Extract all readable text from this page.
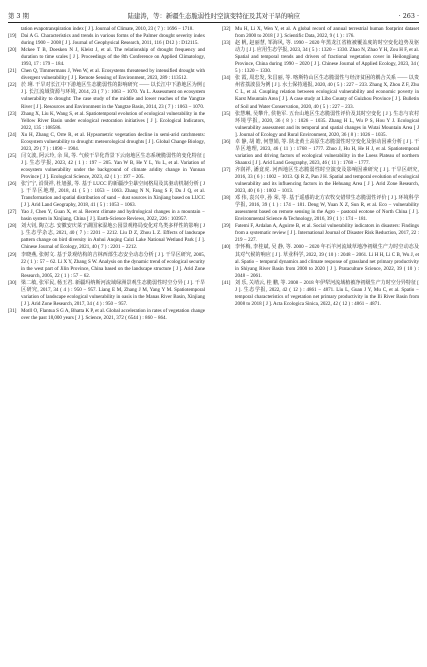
第 3 期	陆建涛，等：新疆生态脆弱性时空演变特征及其对干旱的响应	· 263 ·
tation evapotranspiration index [ J ]. Journal of Climate, 2010, 23 ( 7 ) : 1696 − 1718.
[19] Dai A G. Characteristics and trends in various forms of the Palmer drought severity index during 1900 − 2008 [ J ]. Journal of Geophysical Research, 2011, 116 ( D12 ) : D12115.
[20] Mckee T B, Doesken N J, Kleist J, et al. The relationship of drought frequency and duration to time scales [ J ]. Proceedings of the 8th Conference on Applied Climatology, 1993, 17 : 179 − 184.
[21] Chen Q, Timmermans J, Wen W, et al. Ecosystems threatened by intensified drought with divergent vulnerability [ J ]. Remote Sensing of Environment, 2023, 289 : 113512.
[22] 於 琍. 干旱对长江中下游地区生态脆弱性的影响研究 —— 以长江中下游地区为例 [ J ]. 长江流域资源与环境, 2014, 23 ( 7 ) : 1063 − 1070. Yu L. Assessment on ecosystem vulnerability to drought: The case study of the middle and lower reaches of the Yangtze River [ J ]. Resources and Environment in the Yangtze Basin, 2014, 23 ( 7 ) : 1063 − 1070.
[23] Zhang X, Liu K, Wang S, et al. Spatiotemporal evolution of ecological vulnerability in the Yellow River Basin under ecological restoration initiatives [ J ]. Ecological Indicators, 2022, 135 : 108586.
[24] Xu H, Zhang C, Orre R, et al. Hypsometric vegetation decline in semi-arid catchments: Ecosystem vulnerability to drought: meteorological droughts [ J ]. Global Change Biology, 2023, 29 ( 7 ) : 1890 − 1904.
[25] 闫文波, 阿云玲, 余 凤, 等. 气候干旱化背景下云南地区生态系统脆弱性的变化特征 [ J ]. 生态学报, 2023, 42 ( 1 ) : 197 − 205. Yan W B, He Y L, Yu L, et al. Variation of ecosystem vulnerability under the background of climate aridity change in Yunnan Province [ J ]. Ecological Science, 2023, 42 ( 1 ) : 197 − 205.
[26] 张宁宁, 沿贤祥, 杜旭强, 等. 基于 LUCC 的新疆沙尘暴空间格局及其驱动机制分析 [ J ]. 干旱区地理, 2018, 41 ( 5 ) : 1053 − 1063. Zhang N N, Fang S F, Du J Q, et al. Transformation and spatial distribution of sand − dust sources in Xinjiang based on LUCC [ J ]. Arid Land Geography, 2018, 41 ( 5 ) : 1053 − 1063.
[27] Yao J, Chen Y, Guan X, et al. Recent climate and hydrological changes in a mountain − basin system in Xinjiang, China [ J ]. Earth-Science Reviews, 2022, 226 : 103957.
[28] 刘大钊, 陶立志. 安徽安庆菜子湖国家湿地公园景观格局变化对鸟类多样性的影响 [ J ]. 生态学杂志, 2021, 40 ( 7 ) : 2201 − 2212. Liu D Z, Zhou L Z. Effects of landscape pattern change on bird diversity in Anhui Anqing Caizi Lake National Wetland Park [ J ]. Chinese Journal of Ecology, 2021, 40 ( 7 ) : 2201 − 2212.
[29] 李晓燕, 张树文. 基于景观结构的吉林西部生态安全动态分析 [ J ]. 干旱区研究, 2005, 22 ( 1 ) : 57 − 62. Li X Y, Zhang S W. Analysis on the dynamic trend of ecological security in the west part of Jilin Province, China based on the landscape structure [ J ]. Arid Zone Research, 2005, 22 ( 1 ) : 57 − 62.
[30] 梁二敏, 张军民, 杨玉君. 新疆玛纳斯河流域绿洲景观生态脆弱性时空分异 [ J ]. 干旱区研究, 2017, 34 ( 4 ) : 950 − 957. Liang E M, Zhang J M, Yang Y M. Spatiotemporal variation of landscape ecological vulnerability in oasis in the Manas River Basin, Xinjiang [ J ]. Arid Zone Research, 2017, 34 ( 4 ) : 950 − 957.
[31] Motll O, Flantua S G A, Bhatta K P, et al. Global acceleration in rates of vegetation change over the past 18,000 years [ J ]. Science, 2021, 372 ( 6544 ) : 860 − 864.
[32] Mu H, Li X, Wen Y, et al. A global record of annual terrestrial human footprint dataset from 2000 to 2018 [ J ]. Scientific Data, 2022, 9 ( 1 ) : 176.
[33] 赵 帆, 赵丽慧, 邹海风, 等. 1990 − 2020 年黑龙江省植被覆盖度的时空变化趋势及驱动力 [ J ]. 应用生态学报, 2023, 34 ( 5 ) : 1320 − 1330. Zhao N, Zhao Y H, Zou H F, et al. Spatial and temporal trends and drivers of fractional vegetation cover in Heilongjiang Province, China during 1990 − 2020 [ J ]. Chinese Journal of Applied Ecology, 2023, 34 ( 5 ) : 1320 − 1330.
[34] 张 霞, 周忠发, 朱昌丽, 等. 喀斯特山区生态脆弱性与经济贫困的耦合关系 —— 以贵州省荔波县为例 [ J ]. 水土保持通报, 2020, 40 ( 5 ) : 227 − 233. Zhang X, Zhou Z F, Zhu C L, et al. Coupling relation between ecological vulnerability and economic poverty in Karst Mountain Area [ J ]. A case study at Libo County of Guizhou Province [ J ]. Bulletin of Soil and Water Conservation, 2020, 40 ( 5 ) : 227 − 233.
[35] 张慧琳, 吴攀升, 侯艳军. 五台山地区生态脆弱性评价及其时空变化 [ J ]. 生态与农村环境学报, 2020, 36 ( 8 ) : 1026 − 1035. Zhang H L, Wu P S, Hou Y J. Ecological vulnerability assessment and its temporal and spatial changes in Wutai Mountain Area [ J ]. Journal of Ecology and Rural Environment, 2020, 36 ( 8 ) : 1026 − 1035.
[36] 卓 静, 胡 皓, 何慧娟, 等. 陕北黄土高原生态脆弱性时空变化及驱动因素分析 [ J ]. 干旱区地理, 2023, 46 ( 11 ) : 1768 − 1777. Zhuo J, Hu H, He H J, et al. Spatiotemporal variation and driving factors of ecological vulnerability in the Loess Plateau of northern Shaanxi [ J ]. Arid Land Geography, 2023, 46 ( 11 ) : 1768 − 1777.
[37] 齐润祥, 潘竟虎. 河西地区生态脆弱性时空演变及影响因素研究 [ J ]. 干旱区研究, 2016, 33 ( 6 ) : 1002 − 1013. Qi R Z, Pan J H. Spatial and temporal evolution of ecological vulnerability and its influencing factors in the Hehuang Area [ J ]. Arid Zone Research, 2023, 40 ( 6 ) : 1002 − 1013.
[38] 邓 伟, 袁兴中, 孙 荣, 等. 基于遥感的北方农牧交错带生态脆弱性评价 [ J ]. 环境科学学报, 2016, 39 ( 1 ) : 174 − 181. Deng W, Yuan X Z, Sun R, et al. Eco − vulnerability assessment based on remote sensing in the Agro − pastoral ecotone of North China [ J ]. Environmental Science & Technology, 2016, 39 ( 1 ) : 174 − 181.
[39] Fatemi F, Ardalan A, Aguirre B, et al. Social vulnerability indicators in disasters: Findings from a systematic review [ J ]. International Journal of Disaster Risk Reduction, 2017, 22 : 219 − 227.
[40] 李怀梅, 李桂斌, 吴 静, 等. 2000 − 2020 年石羊河流域草地净初级生产力时空动态及其对气候的响应 [ J ]. 草业科学, 2022, 39 ( 10 ) : 2048 − 2061. Li H H, Li C B, Wu J, et al. Spatio − temporal dynamics and climate response of grassland net primary productivity in Shiyang River Basin from 2000 to 2020 [ J ]. Prataculture Science, 2022, 39 ( 10 ) : 2048 − 2061.
[41] 刘 乐, 关靖云, 桂 鹏, 等. 2008 − 2018 年伊犁河流域植被净初级生产力时空分异特征 [ J ]. 生态学报, 2022, 42 ( 12 ) : 4861 − 4871. Liu L, Guan J Y, Mu C, et al. Spatio − temporal characteristics of vegetation net primary productivity in the Ili River Basin from 2008 to 2018 [ J ]. Acta Ecologica Sinica, 2022, 42 ( 12 ) : 4861 − 4871.
